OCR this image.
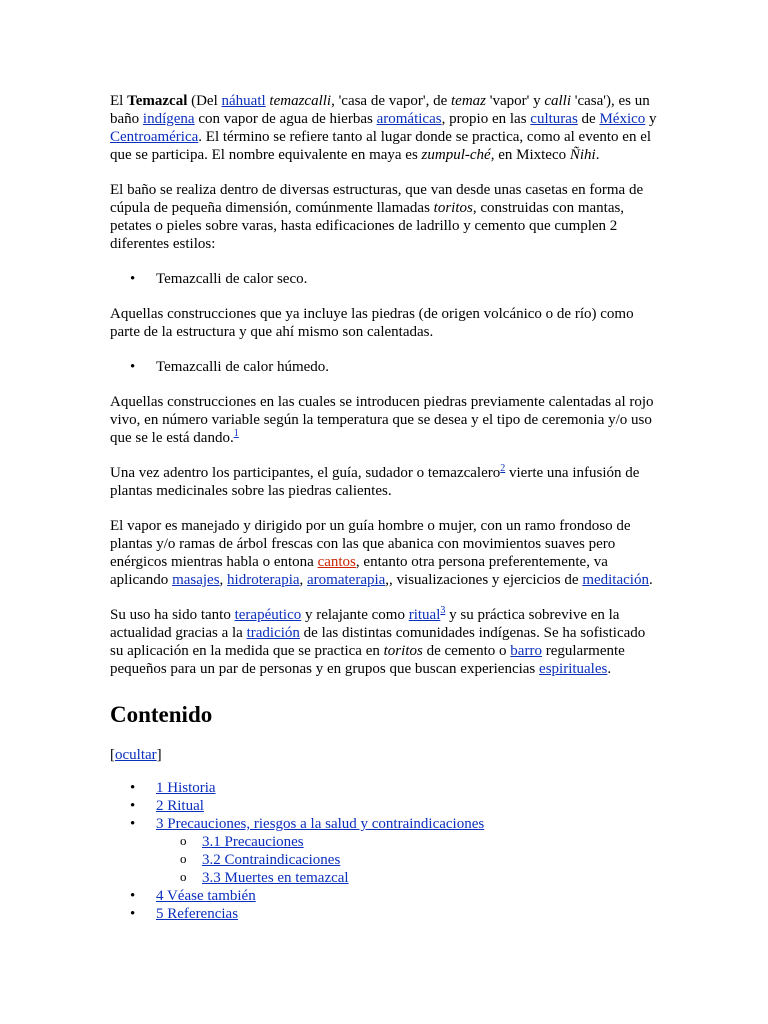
El Temazcal (Del náhuatl temazcalli, 'casa de vapor', de temaz 'vapor' y calli 'casa'), es un baño indígena con vapor de agua de hierbas aromáticas, propio en las culturas de México y Centroamérica. El término se refiere tanto al lugar donde se practica, como al evento en el que se participa. El nombre equivalente en maya es zumpul-ché, en Mixteco Ñihi.

El baño se realiza dentro de diversas estructuras, que van desde unas casetas en forma de cúpula de pequeña dimensión, comúnmente llamadas toritos, construidas con mantas, petates o pieles sobre varas, hasta edificaciones de ladrillo y cemento que cumplen 2 diferentes estilos:

• Temazcalli de calor seco.

Aquellas construcciones que ya incluye las piedras (de origen volcánico o de río) como parte de la estructura y que ahí mismo son calentadas.

• Temazcalli de calor húmedo.

Aquellas construcciones en las cuales se introducen piedras previamente calentadas al rojo vivo, en número variable según la temperatura que se desea y el tipo de ceremonia y/o uso que se le está dando.$^1$

Una vez adentro los participantes, el guía, sudador o temazcalero$^2$ vierte una infusión de plantas medicinales sobre las piedras calientes.

El vapor es manejado y dirigido por un guía hombre o mujer, con un ramo frondoso de plantas y/o ramas de árbol frescas con las que abanica con movimientos suaves pero enérgicos mientras habla o entona cantos, entanto otra persona preferentemente, va aplicando masajes, hidroterapia, aromaterapia,, visualizaciones y ejercicios de meditación.

Su uso ha sido tanto terapéutico y relajante como ritual$^3$ y su práctica sobrevive en la actualidad gracias a la tradición de las distintas comunidades indígenas. Se ha sofisticado su aplicación en la medida que se practica en toritos de cemento o barro regularmente pequeños para un par de personas y en grupos que buscan experiencias espirituales.

Contenido
[ocultar]
• 1 Historia
• 2 Ritual
• 3 Precauciones, riesgos a la salud y contraindicaciones
o 3.1 Precauciones
o 3.2 Contraindicaciones
o 3.3 Muertes en temazcal
• 4 Véase también
• 5 Referencias
